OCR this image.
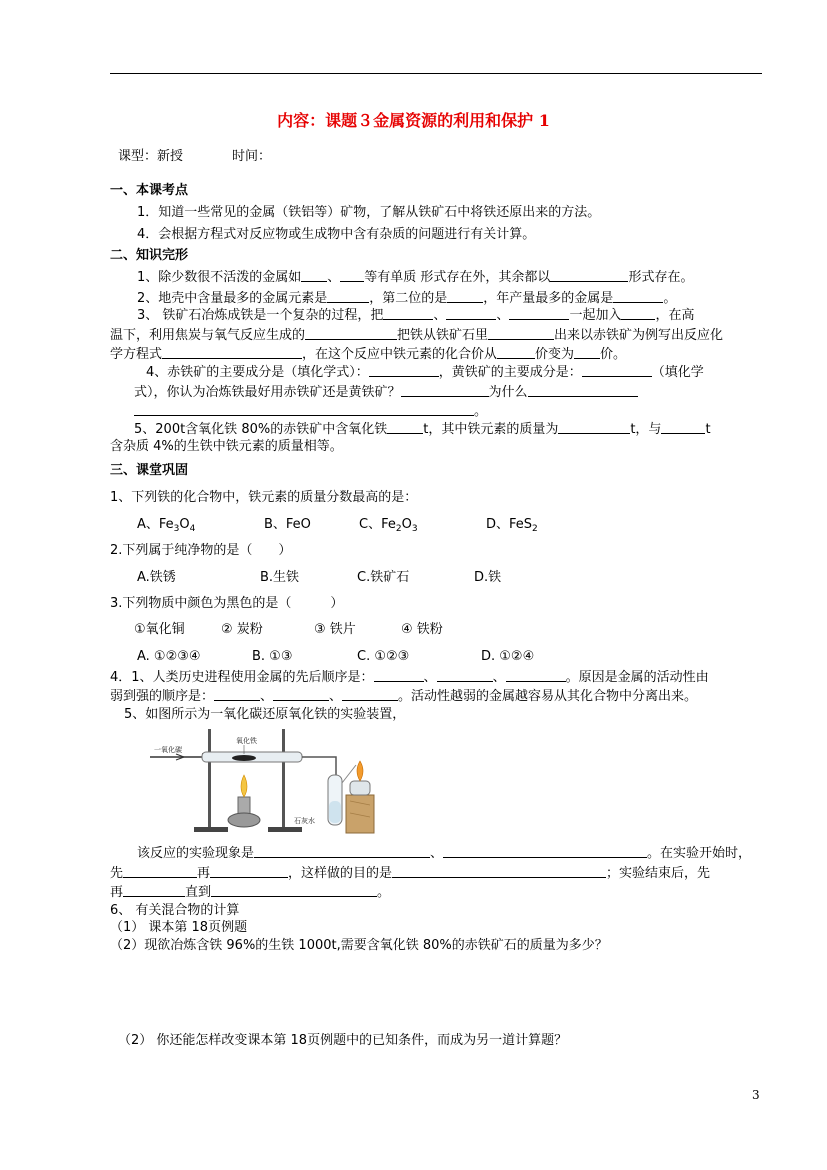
内容：课题３金属资源的利用和保护 1
课型：新授	时间：
一、本课考点
1．知道一些常见的金属（铁铝等）矿物，了解从铁矿石中将铁还原出来的方法。
4．会根据方程式对反应物或生成物中含有杂质的问题进行有关计算。
二、知识完形
1、除少数很不活泼的金属如 、 等有单质 形式存在外，其余都以	形式存在。
2、地壳中含量最多的金属元素是	，第二位的是	，年产量最多的金属是	。
3、 铁矿石冶炼成铁是一个复杂的过程，把	、	、	一起加入	，在高
温下，利用焦炭与氧气反应生成的	把铁从铁矿石里	出来以赤铁矿为例写出反应化
学方程式	，在这个反应中铁元素的化合价从	价变为 价。
4、赤铁矿的主要成分是（填化学式）：	，黄铁矿的主要成分是：	（填化学
式），你认为冶炼铁最好用赤铁矿还是黄铁矿？	为什么
。
5、200t含氧化铁 80%的赤铁矿中含氧化铁	t，其中铁元素的质量为	t，与	t
含杂质 4%的生铁中铁元素的质量相等。
三、课堂巩固
1、下列铁的化合物中，铁元素的质量分数最高的是：
A、$Fe_3O_4$	B、FeO	C、$Fe_2O_3$	D、FeS$_2$
2.下列属于纯净物的是（　　）
A.铁锈	B.生铁	C.铁矿石	D.铁
3.下列物质中颜色为黑色的是（　　　）
①氧化铜	② 炭粉	③ 铁片	④ 铁粉
A. ①②③④	B. ①③	C. ①②③	D. ①②④
4．1、人类历史进程使用金属的先后顺序是：	、	、	。原因是金属的活动性由
弱到强的顺序是：	、	、	。活动性越弱的金属越容易从其化合物中分离出来。
5、如图所示为一氧化碳还原氧化铁的实验装置，
一氧化碳
氧化铁
石灰水
该反应的实验现象是	、	。在实验开始时，
先	再	，这样做的目的是	；实验结束后，先
再	直到	。
6、 有关混合物的计算
（1） 课本第 18页例题
（2）现欲冶炼含铁 96%的生铁 1000t,需要含氧化铁 80%的赤铁矿石的质量为多少？
（2） 你还能怎样改变课本第 18页例题中的已知条件，而成为另一道计算题？
3
